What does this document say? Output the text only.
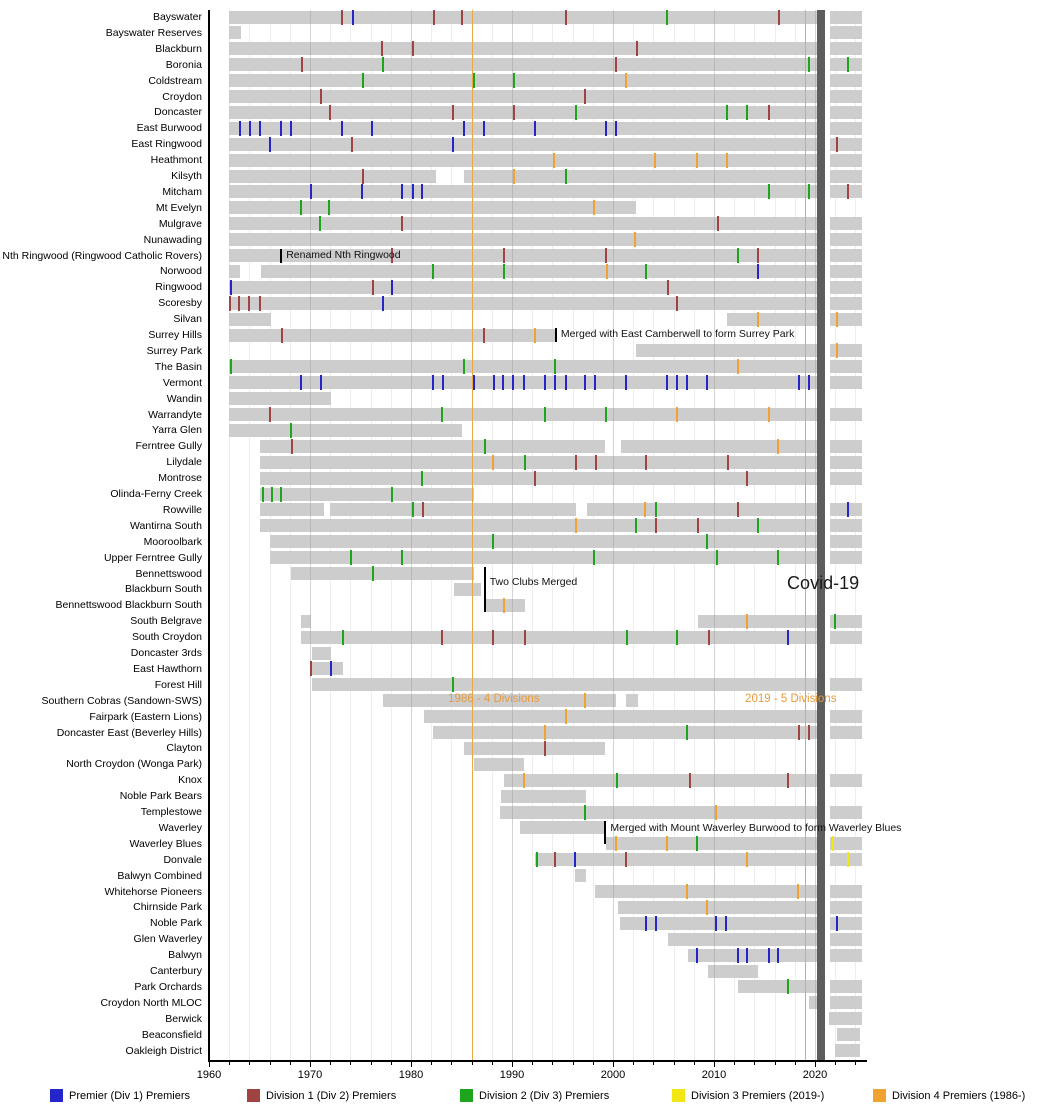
Bayswater
Bayswater Reserves
Blackburn
Boronia
Coldstream
Croydon
Doncaster
East Burwood
East Ringwood
Heathmont
Kilsyth
Mitcham
Mt Evelyn
Mulgrave
Nunawading
Nth Ringwood (Ringwood Catholic Rovers)
Norwood
Ringwood
Scoresby
Silvan
Surrey Hills
Surrey Park
The Basin
Vermont
Wandin
Warrandyte
Yarra Glen
Ferntree Gully
Lilydale
Montrose
Olinda-Ferny Creek
Rowville
Wantirna South
Mooroolbark
Upper Ferntree Gully
Bennettswood
Blackburn South
Bennettswood Blackburn South
South Belgrave
South Croydon
Doncaster 3rds
East Hawthorn
Forest Hill
Southern Cobras (Sandown-SWS)
Fairpark (Eastern Lions)
Doncaster East (Beverley Hills)
Clayton
North Croydon (Wonga Park)
Knox
Noble Park Bears
Templestowe
Waverley
Waverley Blues
Donvale
Balwyn Combined
Whitehorse Pioneers
Chirnside Park
Noble Park
Glen Waverley
Balwyn
Canterbury
Park Orchards
Croydon North MLOC
Berwick
Beaconsfield
Oakleigh District
Renamed Nth Ringwood
Merged with East Camberwell to form Surrey Park
Two Clubs Merged
Merged with Mount Waverley Burwood to form Waverley Blues
1986 - 4 Divisions	2019 - 5 Divisions
Covid-19
1960	1970	1980	1990	2000	2010	2020
Premier (Div 1) Premiers	Division 1 (Div 2) Premiers	Division 2 (Div 3) Premiers	Division 3 Premiers (2019-)	Division 4 Premiers (1986-)
